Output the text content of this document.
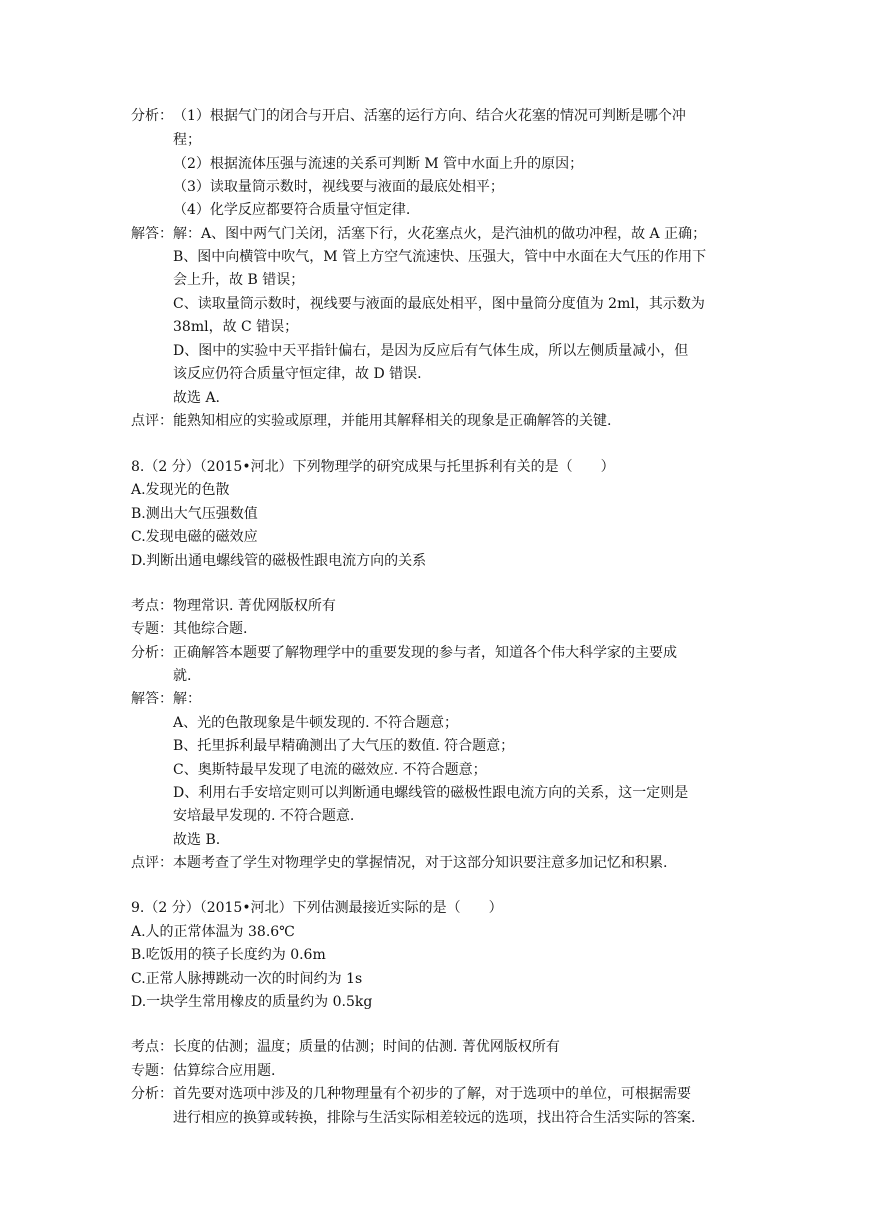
分析： （1）根据气门的闭合与开启、活塞的运行方向、结合火花塞的情况可判断是哪个冲
程；
（2）根据流体压强与流速的关系可判断 M 管中水面上升的原因；
（3）读取量筒示数时，视线要与液面的最底处相平；
（4）化学反应都要符合质量守恒定律.
解答： 解：A、图中两气门关闭，活塞下行，火花塞点火，是汽油机的做功冲程，故 A 正确；
B、图中向横管中吹气，M 管上方空气流速快、压强大，管中中水面在大气压的作用下
会上升，故 B 错误；
C、读取量筒示数时，视线要与液面的最底处相平，图中量筒分度值为 2ml，其示数为
38ml，故 C 错误；
D、图中的实验中天平指针偏右，是因为反应后有气体生成，所以左侧质量减小，但
该反应仍符合质量守恒定律，故 D 错误.
故选 A.
点评： 能熟知相应的实验或原理，并能用其解释相关的现象是正确解答的关键.
8.（2 分）（2015•河北）下列物理学的研究成果与托里拆利有关的是（　　）
A.发现光的色散
B.测出大气压强数值
C.发现电磁的磁效应
D.判断出通电螺线管的磁极性跟电流方向的关系
考点： 物理常识. 菁优网版权所有
专题： 其他综合题.
分析： 正确解答本题要了解物理学中的重要发现的参与者，知道各个伟大科学家的主要成
就.
解答： 解：
A、光的色散现象是牛顿发现的. 不符合题意；
B、托里拆利最早精确测出了大气压的数值. 符合题意；
C、奥斯特最早发现了电流的磁效应. 不符合题意；
D、利用右手安培定则可以判断通电螺线管的磁极性跟电流方向的关系，这一定则是
安培最早发现的. 不符合题意.
故选 B.
点评： 本题考查了学生对物理学史的掌握情况，对于这部分知识要注意多加记忆和积累.
9.（2 分）（2015•河北）下列估测最接近实际的是（　　）
A.人的正常体温为 38.6℃
B.吃饭用的筷子长度约为 0.6m
C.正常人脉搏跳动一次的时间约为 1s
D.一块学生常用橡皮的质量约为 0.5kg
考点： 长度的估测；温度；质量的估测；时间的估测. 菁优网版权所有
专题： 估算综合应用题.
分析： 首先要对选项中涉及的几种物理量有个初步的了解，对于选项中的单位，可根据需要
进行相应的换算或转换，排除与生活实际相差较远的选项，找出符合生活实际的答案.
